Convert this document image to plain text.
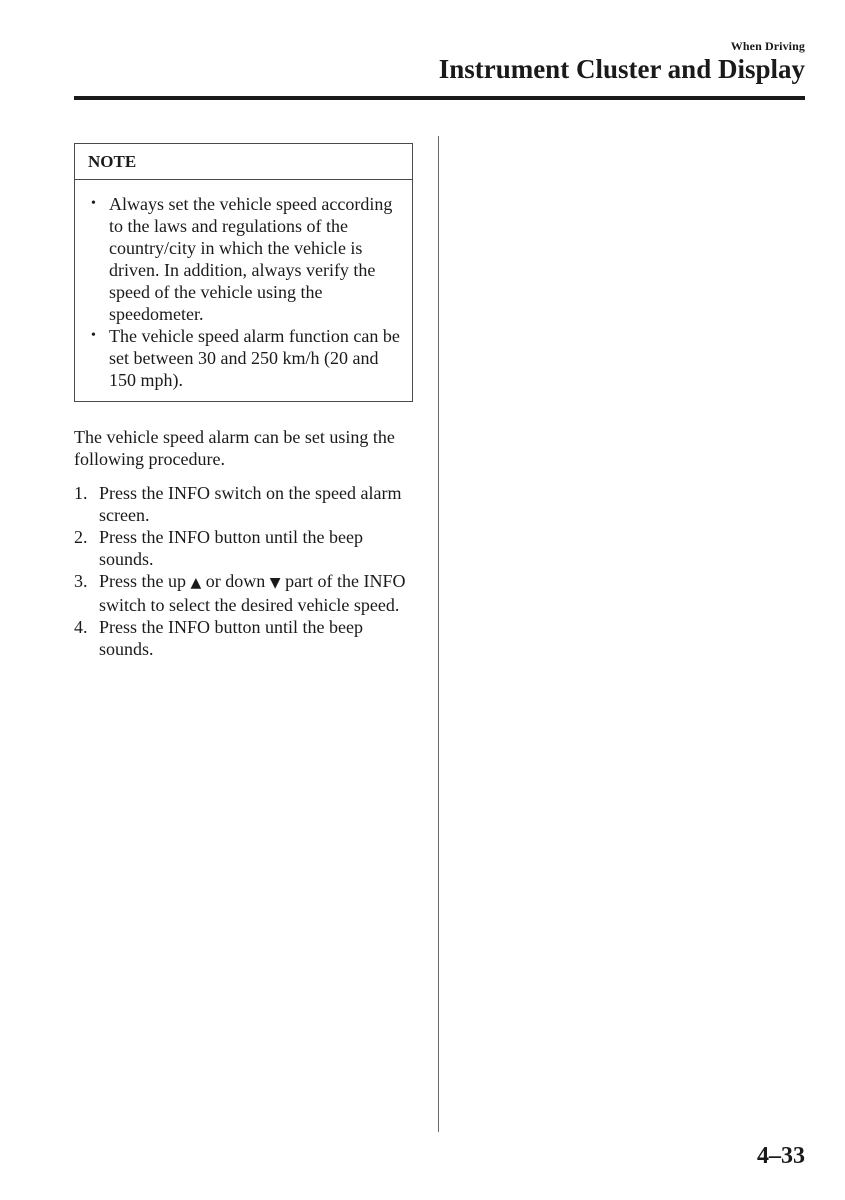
When Driving
Instrument Cluster and Display
NOTE
• Always set the vehicle speed according to the laws and regulations of the country/city in which the vehicle is driven. In addition, always verify the speed of the vehicle using the speedometer.
• The vehicle speed alarm function can be set between 30 and 250 km/h (20 and 150 mph).

The vehicle speed alarm can be set using the following procedure.

1. Press the INFO switch on the speed alarm screen.
2. Press the INFO button until the beep sounds.
3. Press the up ▲ or down ▼ part of the INFO switch to select the desired vehicle speed.
4. Press the INFO button until the beep sounds.
4–33
